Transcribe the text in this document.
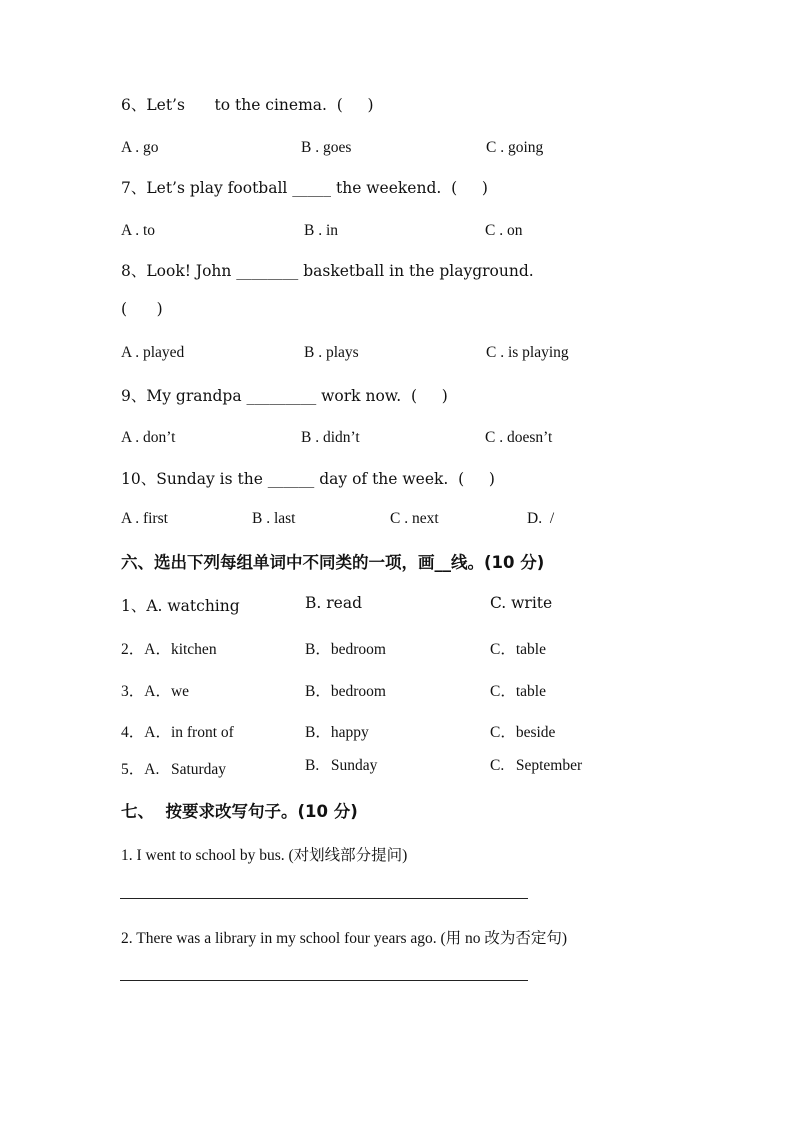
6、Let’s      to the cinema.  (     )
A . go	B . goes	C . going
7、Let’s play football _____ the weekend.  (     )
A . to	B . in	C . on
8、Look! John ________ basketball in the playground.
(      )
A . played	B . plays	C . is playing
9、My grandpa _________ work now.  (     )
A . don’t	B . didn’t	C . doesn’t
10、Sunday is the ______ day of the week.  (     )
A . first	B . last	C . next	D.  /
六、选出下列每组单词中不同类的一项，画__线。(10 分)
1、A. watching	B. read	C. write
2．A．kitchen	B．bedroom	C．table
3．A．we	B．bedroom	C．table
4．A．in front of	B．happy	C．beside
5．A.   Saturday	B.   Sunday	C.   September
七、  按要求改写句子。(10 分)
1. I went to school by bus. (对划线部分提问)
2. There was a library in my school four years ago. (用 no 改为否定句)
